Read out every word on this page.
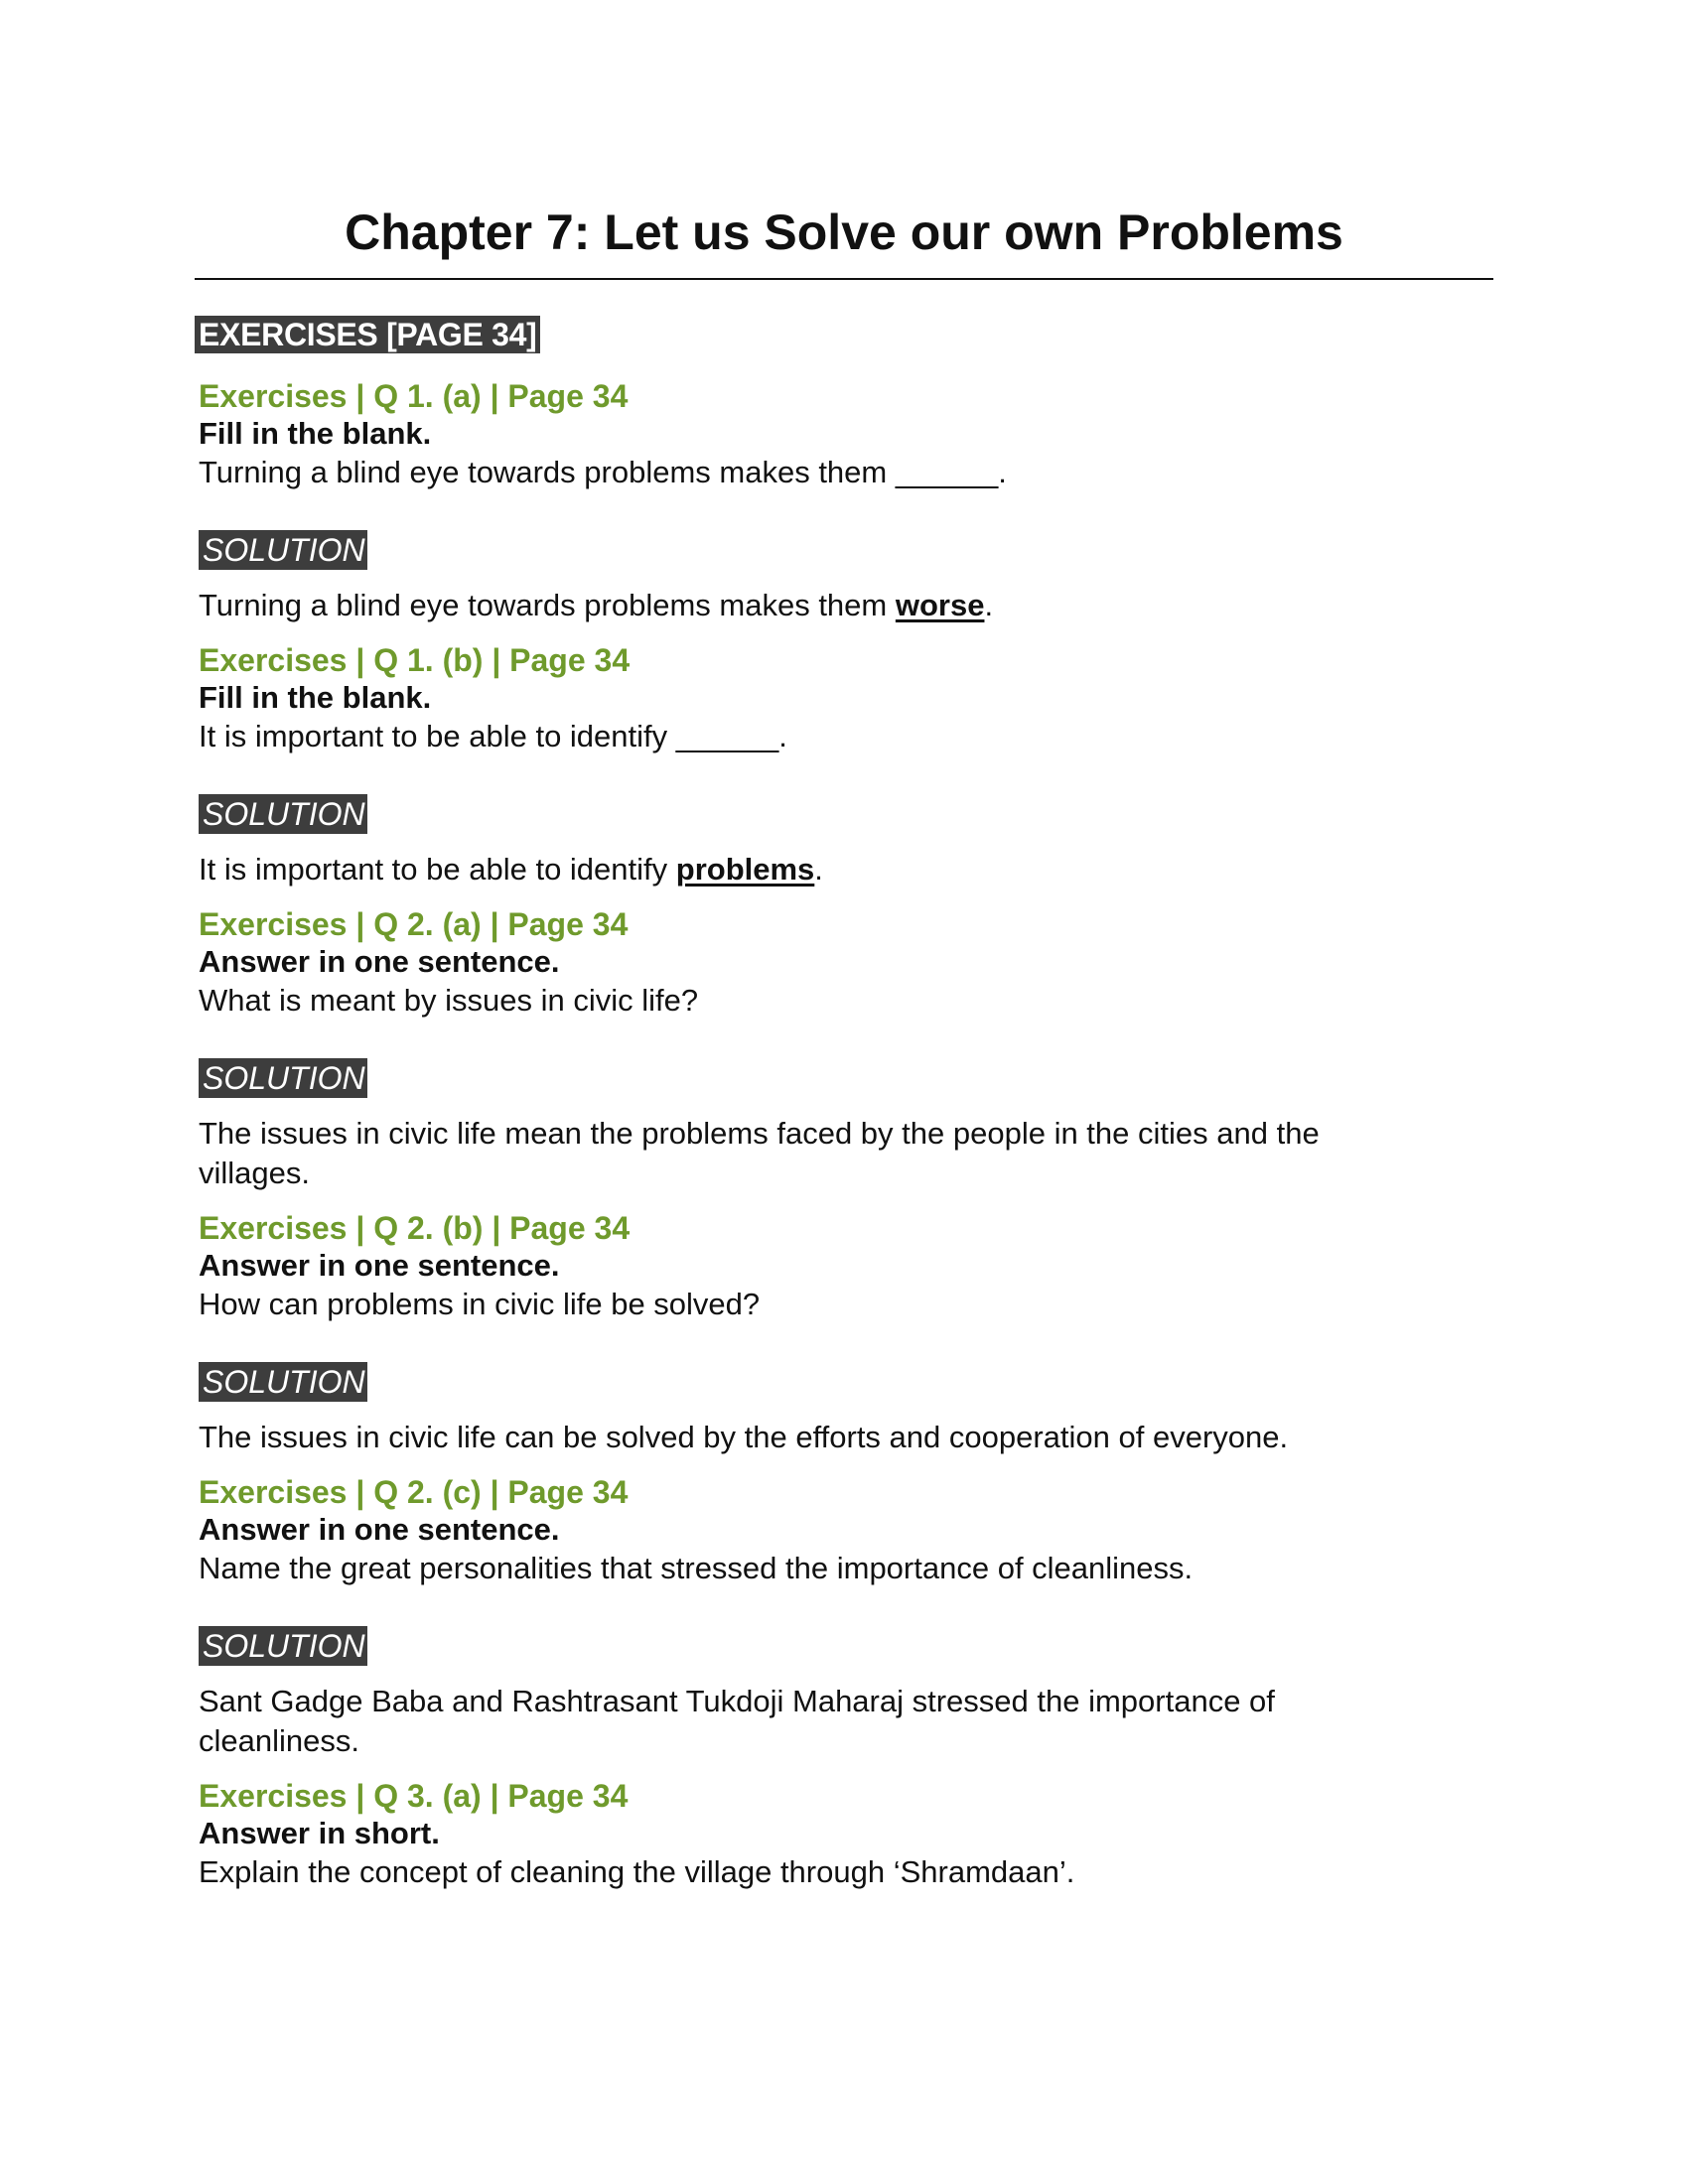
Chapter 7: Let us Solve our own Problems
EXERCISES [PAGE 34]

Exercises | Q 1. (a) | Page 34

Fill in the blank.

Turning a blind eye towards problems makes them ______.

SOLUTION

Turning a blind eye towards problems makes them worse.

Exercises | Q 1. (b) | Page 34

Fill in the blank.

It is important to be able to identify ______.

SOLUTION

It is important to be able to identify problems.

Exercises | Q 2. (a) | Page 34

Answer in one sentence.

What is meant by issues in civic life?

SOLUTION

The issues in civic life mean the problems faced by the people in the cities and the villages.

Exercises | Q 2. (b) | Page 34

Answer in one sentence.

How can problems in civic life be solved?

SOLUTION

The issues in civic life can be solved by the efforts and cooperation of everyone.

Exercises | Q 2. (c) | Page 34

Answer in one sentence.

Name the great personalities that stressed the importance of cleanliness.

SOLUTION

Sant Gadge Baba and Rashtrasant Tukdoji Maharaj stressed the importance of cleanliness.

Exercises | Q 3. (a) | Page 34

Answer in short.

Explain the concept of cleaning the village through ‘Shramdaan’.
